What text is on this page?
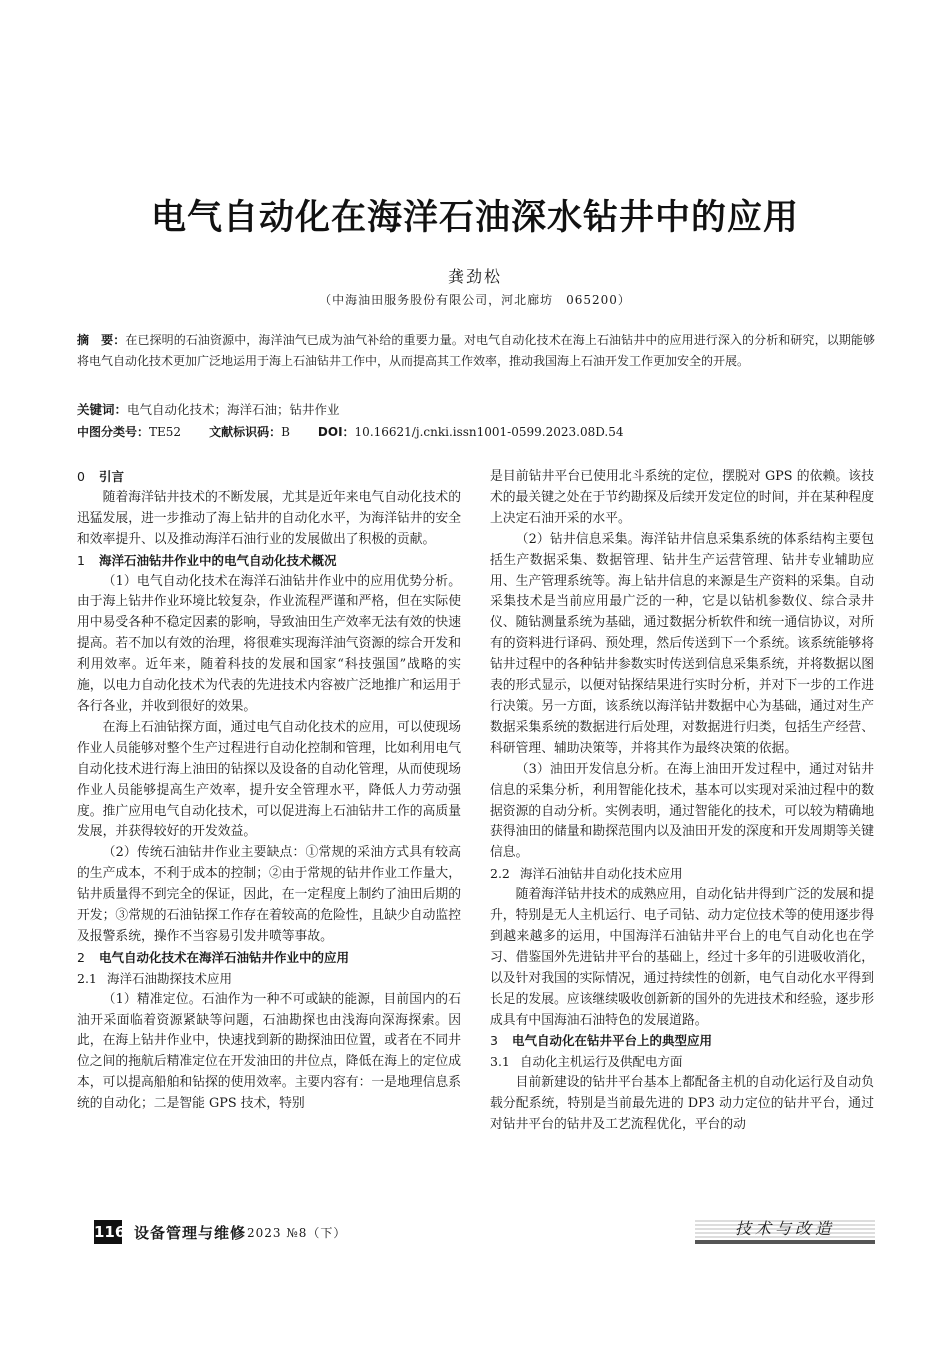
电气自动化在海洋石油深水钻井中的应用
龚劲松
（中海油田服务股份有限公司，河北廊坊　065200）
摘　要：在已探明的石油资源中，海洋油气已成为油气补给的重要力量。对电气自动化技术在海上石油钻井中的应用进行深入的分析和研究，以期能够将电气自动化技术更加广泛地运用于海上石油钻井工作中，从而提高其工作效率，推动我国海上石油开发工作更加安全的开展。
关键词：电气自动化技术；海洋石油；钻井作业
中图分类号：TE52 文献标识码：B DOI：10.16621/j.cnki.issn1001-0599.2023.08D.54
0 引言

随着海洋钻井技术的不断发展，尤其是近年来电气自动化技术的迅猛发展，进一步推动了海上钻井的自动化水平，为海洋钻井的安全和效率提升、以及推动海洋石油行业的发展做出了积极的贡献。

1 海洋石油钻井作业中的电气自动化技术概况

（1）电气自动化技术在海洋石油钻井作业中的应用优势分析。由于海上钻井作业环境比较复杂，作业流程严谨和严格，但在实际使用中易受各种不稳定因素的影响，导致油田生产效率无法有效的快速提高。若不加以有效的治理，将很难实现海洋油气资源的综合开发和利用效率。近年来，随着科技的发展和国家“科技强国”战略的实施，以电力自动化技术为代表的先进技术内容被广泛地推广和运用于各行各业，并收到很好的效果。

在海上石油钻探方面，通过电气自动化技术的应用，可以使现场作业人员能够对整个生产过程进行自动化控制和管理，比如利用电气自动化技术进行海上油田的钻探以及设备的自动化管理，从而使现场作业人员能够提高生产效率，提升安全管理水平，降低人力劳动强度。推广应用电气自动化技术，可以促进海上石油钻井工作的高质量发展，并获得较好的开发效益。

（2）传统石油钻井作业主要缺点：①常规的采油方式具有较高的生产成本，不利于成本的控制；②由于常规的钻井作业工作量大，钻井质量得不到完全的保证，因此，在一定程度上制约了油田后期的开发；③常规的石油钻探工作存在着较高的危险性，且缺少自动监控及报警系统，操作不当容易引发井喷等事故。

2 电气自动化技术在海洋石油钻井作业中的应用
2.1 海洋石油勘探技术应用

（1）精准定位。石油作为一种不可或缺的能源，目前国内的石油开采面临着资源紧缺等问题，石油勘探也由浅海向深海探索。因此，在海上钻井作业中，快速找到新的勘探油田位置，或者在不同井位之间的拖航后精准定位在开发油田的井位点，降低在海上的定位成本，可以提高船舶和钻探的使用效率。主要内容有：一是地理信息系统的自动化；二是智能 GPS 技术，特别

是目前钻井平台已使用北斗系统的定位，摆脱对 GPS 的依赖。该技术的最关键之处在于节约勘探及后续开发定位的时间，并在某种程度上决定石油开采的水平。

（2）钻井信息采集。海洋钻井信息采集系统的体系结构主要包括生产数据采集、数据管理、钻井生产运营管理、钻井专业辅助应用、生产管理系统等。海上钻井信息的来源是生产资料的采集。自动采集技术是当前应用最广泛的一种，它是以钻机参数仪、综合录井仪、随钻测量系统为基础，通过数据分析软件和统一通信协议，对所有的资料进行译码、预处理，然后传送到下一个系统。该系统能够将钻井过程中的各种钻井参数实时传送到信息采集系统，并将数据以图表的形式显示，以便对钻探结果进行实时分析，并对下一步的工作进行决策。另一方面，该系统以海洋钻井数据中心为基础，通过对生产数据采集系统的数据进行后处理，对数据进行归类，包括生产经营、科研管理、辅助决策等，并将其作为最终决策的依据。

（3）油田开发信息分析。在海上油田开发过程中，通过对钻井信息的采集分析，利用智能化技术，基本可以实现对采油过程中的数据资源的自动分析。实例表明，通过智能化的技术，可以较为精确地获得油田的储量和勘探范围内以及油田开发的深度和开发周期等关键信息。

2.2 海洋石油钻井自动化技术应用

随着海洋钻井技术的成熟应用，自动化钻井得到广泛的发展和提升，特别是无人主机运行、电子司钻、动力定位技术等的使用逐步得到越来越多的运用，中国海洋石油钻井平台上的电气自动化也在学习、借鉴国外先进钻井平台的基础上，经过十多年的引进吸收消化，以及针对我国的实际情况，通过持续性的创新，电气自动化水平得到长足的发展。应该继续吸收创新新的国外的先进技术和经验，逐步形成具有中国海油石油特色的发展道路。

3 电气自动化在钻井平台上的典型应用
3.1 自动化主机运行及供配电方面

目前新建设的钻井平台基本上都配备主机的自动化运行及自动负载分配系统，特别是当前最先进的 DP3 动力定位的钻井平台，通过对钻井平台的钻井及工艺流程优化，平台的动

116 设备管理与维修 2023 №8（下）	技术与改造
